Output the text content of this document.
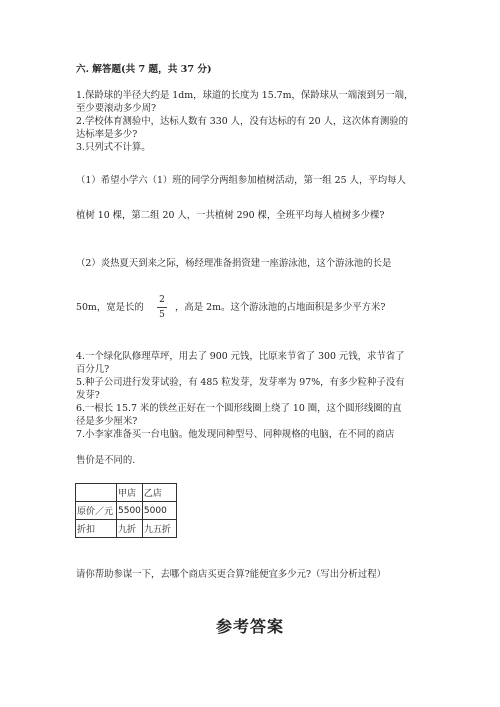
六. 解答题(共 7 题，共 37 分)
1.保龄球的半径大约是 1dm，球道的长度为 15.7m，保龄球从一端滚到另一端，
至少要滚动多少周?
2.学校体育测验中，达标人数有 330 人，没有达标的有 20 人，这次体育测验的
达标率是多少?
3.只列式不计算。
（1）希望小学六（1）班的同学分两组参加植树活动，第一组 25 人，平均每人
植树 10 棵，第二组 20 人，一共植树 290 棵，全班平均每人植树多少棵?
（2）炎热夏天到来之际，杨经理准备捐资建一座游泳池，这个游泳池的长是
50m，宽是长的
2
5
，高是 2m。这个游泳池的占地面积是多少平方米?
4.一个绿化队修理草坪，用去了 900 元钱，比原来节省了 300 元钱，求节省了
百分几?
5.种子公司进行发芽试验，有 485 粒发芽，发芽率为 97%，有多少粒种子没有
发芽?
6.一根长 15.7 米的铁丝正好在一个圆形线圈上绕了 10 圈，这个圆形线圈的直
径是多少厘米?
7.小李家准备买一台电脑。他发现同种型号、同种规格的电脑，在不同的商店
售价是不同的.
	甲店	乙店
原价／元	5500	5000
折扣	九折	九五折
请你帮助参谋一下，去哪个商店买更合算?能便宜多少元?（写出分析过程）
参考答案
